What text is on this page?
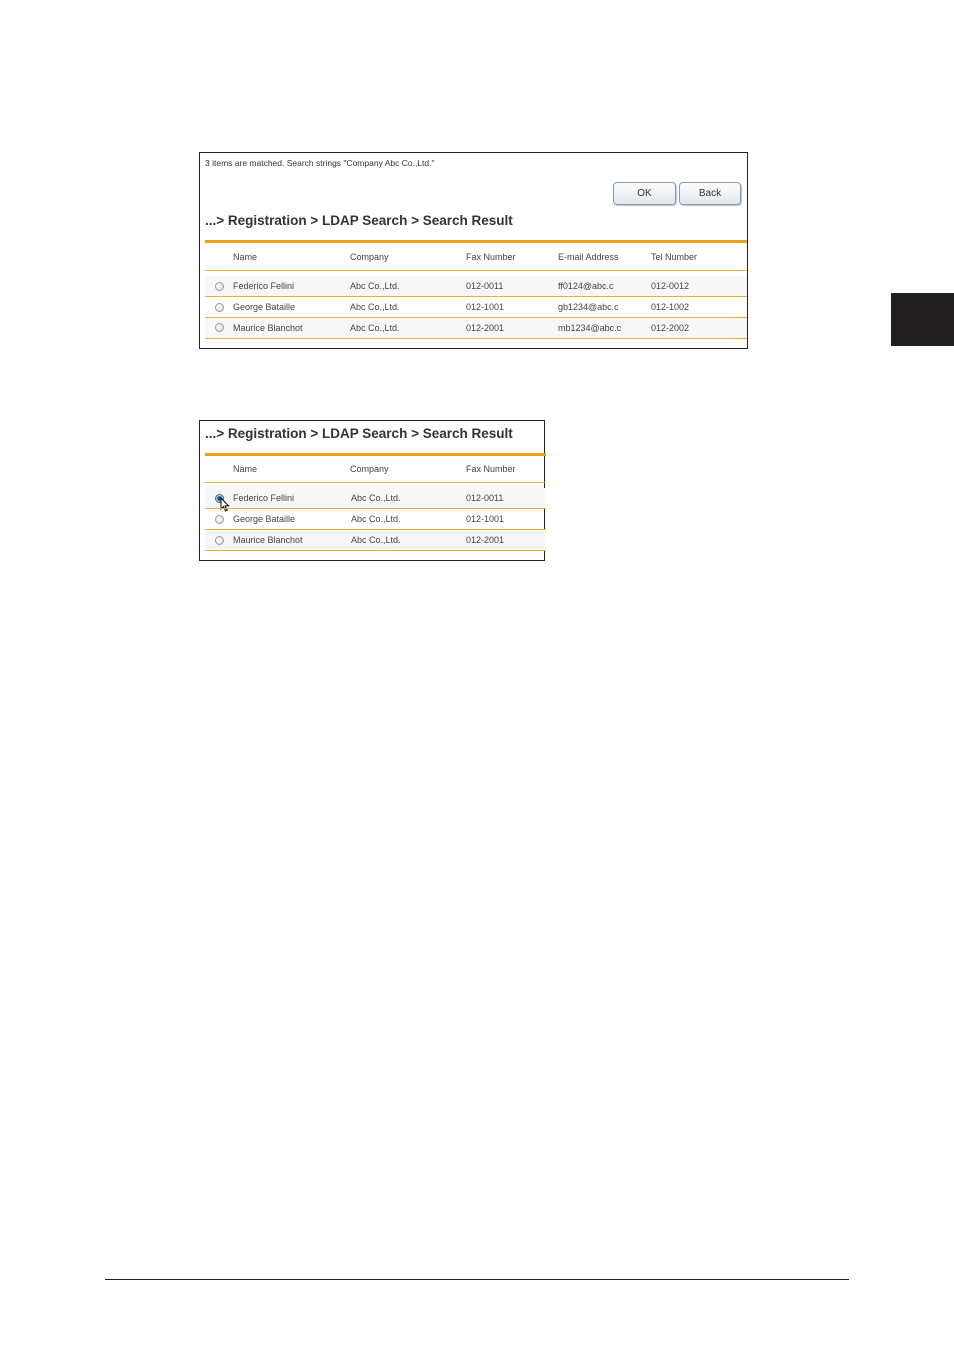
3 items are matched. Search strings "Company Abc Co.,Ltd."
OK	Back
...> Registration > LDAP Search > Search Result
Name	Company	Fax Number	E-mail Address	Tel Number
Federico Fellini	Abc Co.,Ltd.	012-0011	ff0124@abc.c	012-0012
George Bataille	Abc Co.,Ltd.	012-1001	gb1234@abc.c	012-1002
Maurice Blanchot	Abc Co.,Ltd.	012-2001	mb1234@abc.c	012-2002
...> Registration > LDAP Search > Search Result
Name	Company	Fax Number
Federico Fellini	Abc Co.,Ltd.	012-0011
George Bataille	Abc Co.,Ltd.	012-1001
Maurice Blanchot	Abc Co.,Ltd.	012-2001
